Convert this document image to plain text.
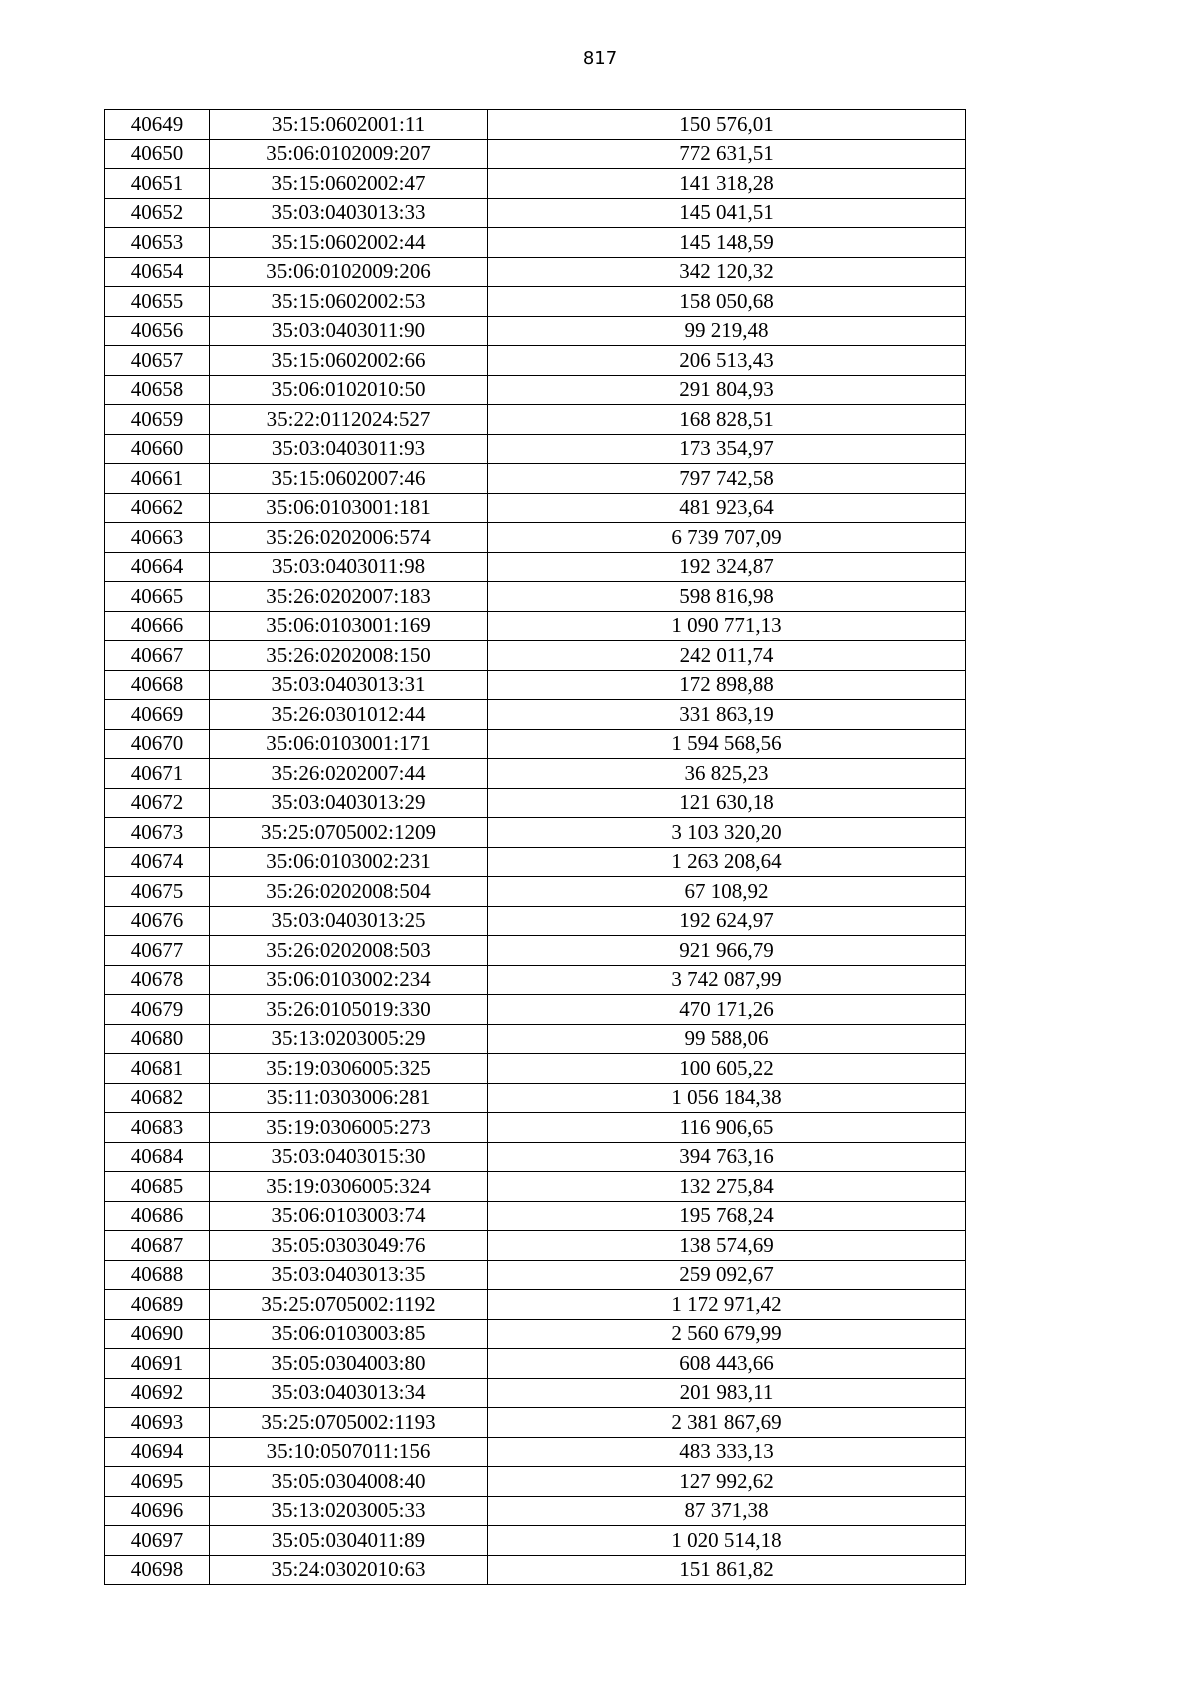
817
40649	35:15:0602001:11	150 576,01
40650	35:06:0102009:207	772 631,51
40651	35:15:0602002:47	141 318,28
40652	35:03:0403013:33	145 041,51
40653	35:15:0602002:44	145 148,59
40654	35:06:0102009:206	342 120,32
40655	35:15:0602002:53	158 050,68
40656	35:03:0403011:90	99 219,48
40657	35:15:0602002:66	206 513,43
40658	35:06:0102010:50	291 804,93
40659	35:22:0112024:527	168 828,51
40660	35:03:0403011:93	173 354,97
40661	35:15:0602007:46	797 742,58
40662	35:06:0103001:181	481 923,64
40663	35:26:0202006:574	6 739 707,09
40664	35:03:0403011:98	192 324,87
40665	35:26:0202007:183	598 816,98
40666	35:06:0103001:169	1 090 771,13
40667	35:26:0202008:150	242 011,74
40668	35:03:0403013:31	172 898,88
40669	35:26:0301012:44	331 863,19
40670	35:06:0103001:171	1 594 568,56
40671	35:26:0202007:44	36 825,23
40672	35:03:0403013:29	121 630,18
40673	35:25:0705002:1209	3 103 320,20
40674	35:06:0103002:231	1 263 208,64
40675	35:26:0202008:504	67 108,92
40676	35:03:0403013:25	192 624,97
40677	35:26:0202008:503	921 966,79
40678	35:06:0103002:234	3 742 087,99
40679	35:26:0105019:330	470 171,26
40680	35:13:0203005:29	99 588,06
40681	35:19:0306005:325	100 605,22
40682	35:11:0303006:281	1 056 184,38
40683	35:19:0306005:273	116 906,65
40684	35:03:0403015:30	394 763,16
40685	35:19:0306005:324	132 275,84
40686	35:06:0103003:74	195 768,24
40687	35:05:0303049:76	138 574,69
40688	35:03:0403013:35	259 092,67
40689	35:25:0705002:1192	1 172 971,42
40690	35:06:0103003:85	2 560 679,99
40691	35:05:0304003:80	608 443,66
40692	35:03:0403013:34	201 983,11
40693	35:25:0705002:1193	2 381 867,69
40694	35:10:0507011:156	483 333,13
40695	35:05:0304008:40	127 992,62
40696	35:13:0203005:33	87 371,38
40697	35:05:0304011:89	1 020 514,18
40698	35:24:0302010:63	151 861,82
